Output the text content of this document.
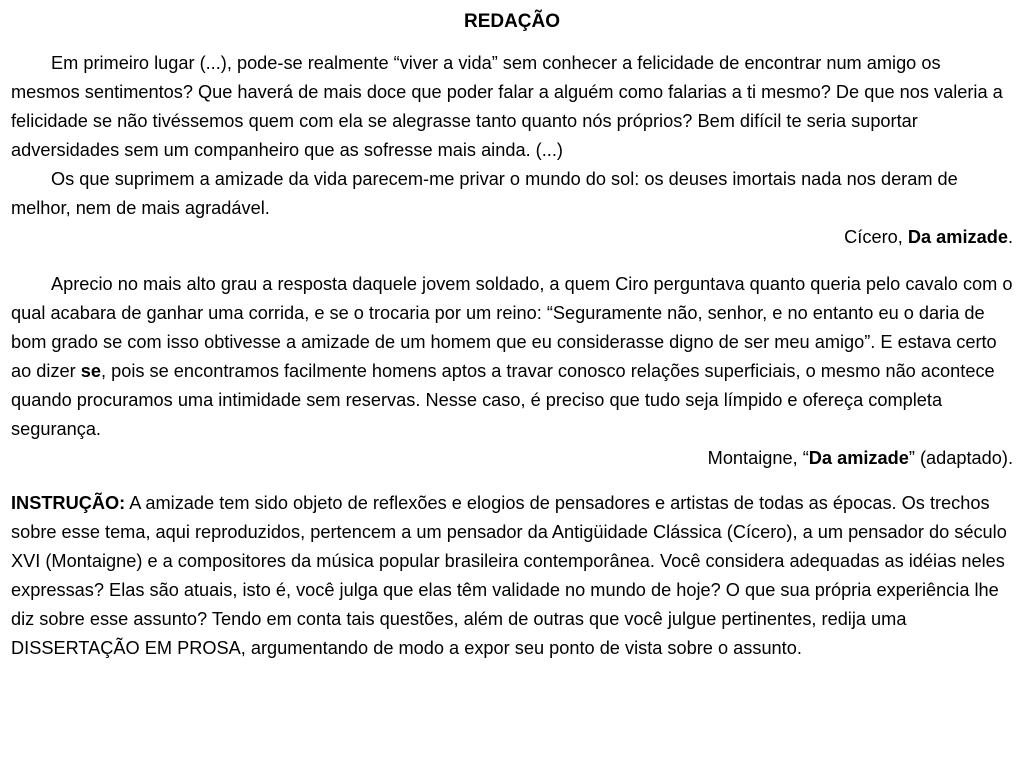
REDAÇÃO

Em primeiro lugar (...), pode-se realmente “viver a vida” sem conhecer a felicidade de encontrar num amigo os mesmos sentimentos? Que haverá de mais doce que poder falar a alguém como falarias a ti mesmo? De que nos valeria a felicidade se não tivéssemos quem com ela se alegrasse tanto quanto nós próprios? Bem difícil te seria suportar adversidades sem um companheiro que as sofresse mais ainda. (...)

Os que suprimem a amizade da vida parecem-me privar o mundo do sol: os deuses imortais nada nos deram de melhor, nem de mais agradável.

Cícero, Da amizade.

Aprecio no mais alto grau a resposta daquele jovem soldado, a quem Ciro perguntava quanto queria pelo cavalo com o qual acabara de ganhar uma corrida, e se o trocaria por um reino: “Seguramente não, senhor, e no entanto eu o daria de bom grado se com isso obtivesse a amizade de um homem que eu considerasse digno de ser meu amigo”. E estava certo ao dizer se, pois se encontramos facilmente homens aptos a travar conosco relações superficiais, o mesmo não acontece quando procuramos uma intimidade sem reservas. Nesse caso, é preciso que tudo seja límpido e ofereça completa segurança.

Montaigne, “Da amizade” (adaptado).

INSTRUÇÃO: A amizade tem sido objeto de reflexões e elogios de pensadores e artistas de todas as épocas. Os trechos sobre esse tema, aqui reproduzidos, pertencem a um pensador da Antigüidade Clássica (Cícero), a um pensador do século XVI (Montaigne) e a compositores da música popular brasileira contemporânea. Você considera adequadas as idéias neles expressas? Elas são atuais, isto é, você julga que elas têm validade no mundo de hoje? O que sua própria experiência lhe diz sobre esse assunto? Tendo em conta tais questões, além de outras que você julgue pertinentes, redija uma DISSERTAÇÃO EM PROSA, argumentando de modo a expor seu ponto de vista sobre o assunto.
